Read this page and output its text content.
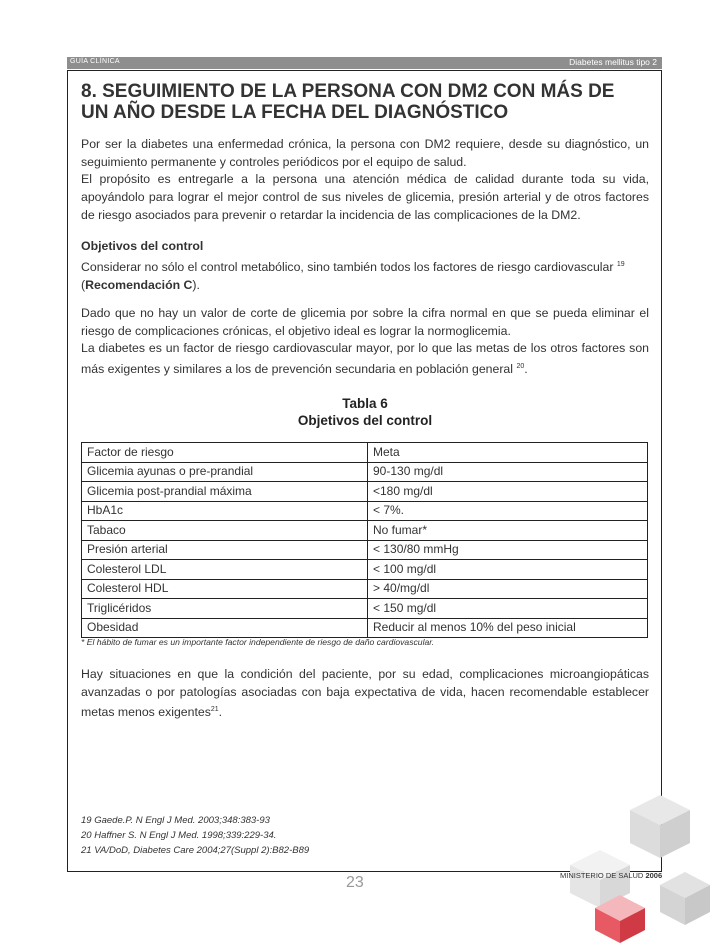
GUÍA CLÍNICA	Diabetes mellitus tipo 2
8. SEGUIMIENTO DE LA PERSONA CON DM2 CON MÁS DE
UN AÑO DESDE LA FECHA DEL DIAGNÓSTICO

Por ser la diabetes una enfermedad crónica, la persona con DM2 requiere, desde su diagnóstico, un seguimiento permanente y controles periódicos por el equipo de salud.

El propósito es entregarle a la persona una atención médica de calidad durante toda su vida, apoyándolo para lograr el mejor control de sus niveles de glicemia, presión arterial y de otros factores de riesgo asociados para prevenir o retardar la incidencia de las complicaciones de la DM2.

Objetivos del control

Considerar no sólo el control metabólico, sino también todos los factores de riesgo cardiovascular $^{19}$
(Recomendación C).

Dado que no hay un valor de corte de glicemia por sobre la cifra normal en que se pueda eliminar el riesgo de complicaciones crónicas, el objetivo ideal es lograr la normoglicemia.

La diabetes es un factor de riesgo cardiovascular mayor, por lo que las metas de los otros factores son más exigentes y similares a los de prevención secundaria en población general $^{20}$.

Tabla 6
Objetivos del control
Factor de riesgo	Meta
Glicemia ayunas o pre-prandial	90-130 mg/dl
Glicemia post-prandial máxima	<180 mg/dl
HbA1c	< 7%.
Tabaco	No fumar*
Presión arterial	< 130/80 mmHg
Colesterol LDL	< 100 mg/dl
Colesterol HDL	> 40/mg/dl
Triglicéridos	< 150 mg/dl
Obesidad	Reducir al menos 10% del peso inicial
* El hábito de fumar es un importante factor independiente de riesgo de daño cardiovascular.

Hay situaciones en que la condición del paciente, por su edad, complicaciones microangiopáticas avanzadas o por patologías asociadas con baja expectativa de vida, hacen recomendable establecer metas menos exigentes$^{21}$.

19 Gaede.P. N Engl J Med. 2003;348:383-93
20 Haffner S. N Engl J Med. 1998;339:229-34.
21 VA/DoD, Diabetes Care 2004;27(Suppl 2):B82-B89
23	MINISTERIO DE SALUD 2006
